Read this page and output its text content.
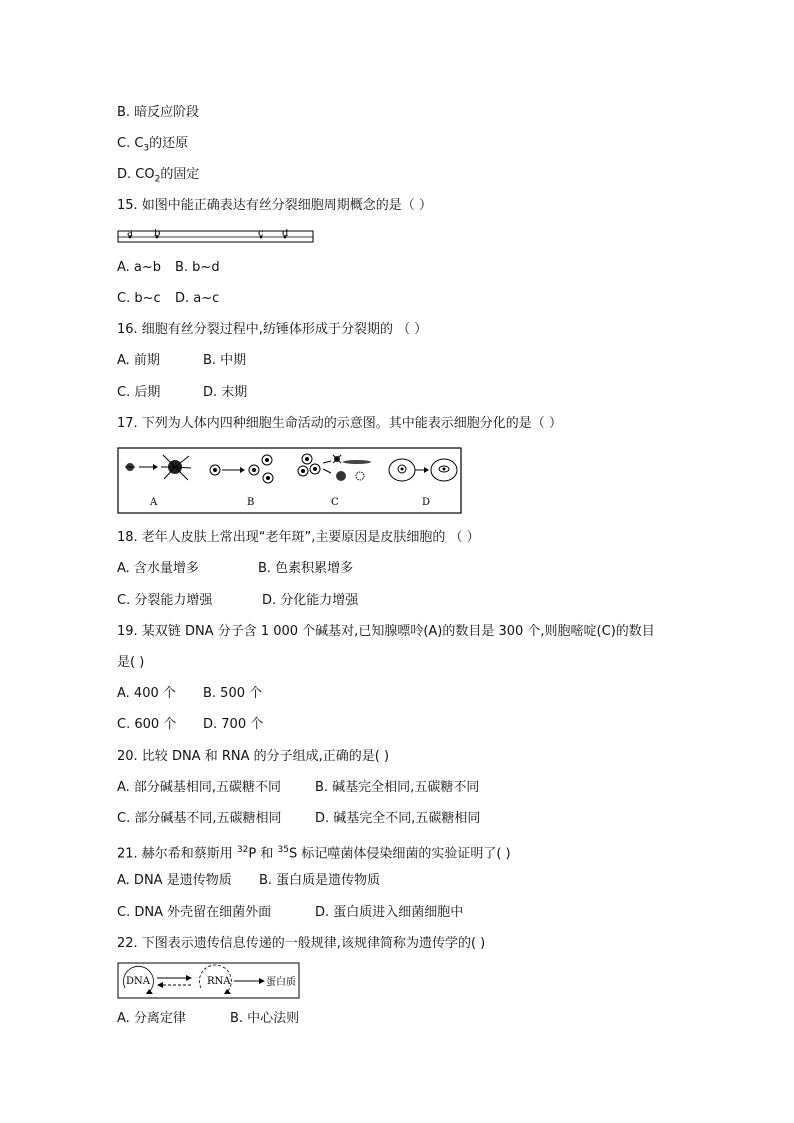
B. 暗反应阶段
C. $C_3$的还原
D. $CO_2$的固定
15. 如图中能正确表达有丝分裂细胞周期概念的是（ ）
a b	c d
A. a~b B. b~d
C. b~c D. a~c
16. 细胞有丝分裂过程中,纺锤体形成于分裂期的 （ ）
A. 前期	B. 中期
C. 后期	D. 末期
17. 下列为人体内四种细胞生命活动的示意图。其中能表示细胞分化的是（ ）
A	B	C	D
18. 老年人皮肤上常出现“老年斑”,主要原因是皮肤细胞的 （ ）
A. 含水量增多	B. 色素积累增多
C. 分裂能力增强	D. 分化能力增强
19. 某双链 DNA 分子含 1 000 个碱基对,已知腺嘌呤(A)的数目是 300 个,则胞嘧啶(C)的数目
是( )
A. 400 个 B. 500 个
C. 600 个 D. 700 个
20. 比较 DNA 和 RNA 的分子组成,正确的是( )
A. 部分碱基相同,五碳糖不同	B. 碱基完全相同,五碳糖不同
C. 部分碱基不同,五碳糖相同	D. 碱基完全不同,五碳糖相同
21. 赫尔希和蔡斯用 $^{32}$P 和 $^{35}$S 标记噬菌体侵染细菌的实验证明了( )
A. DNA 是遗传物质 B. 蛋白质是遗传物质
C. DNA 外壳留在细菌外面	D. 蛋白质进入细菌细胞中
22. 下图表示遗传信息传递的一般规律,该规律简称为遗传学的( )
DNA	RNA	蛋白质
A. 分离定律	B. 中心法则
